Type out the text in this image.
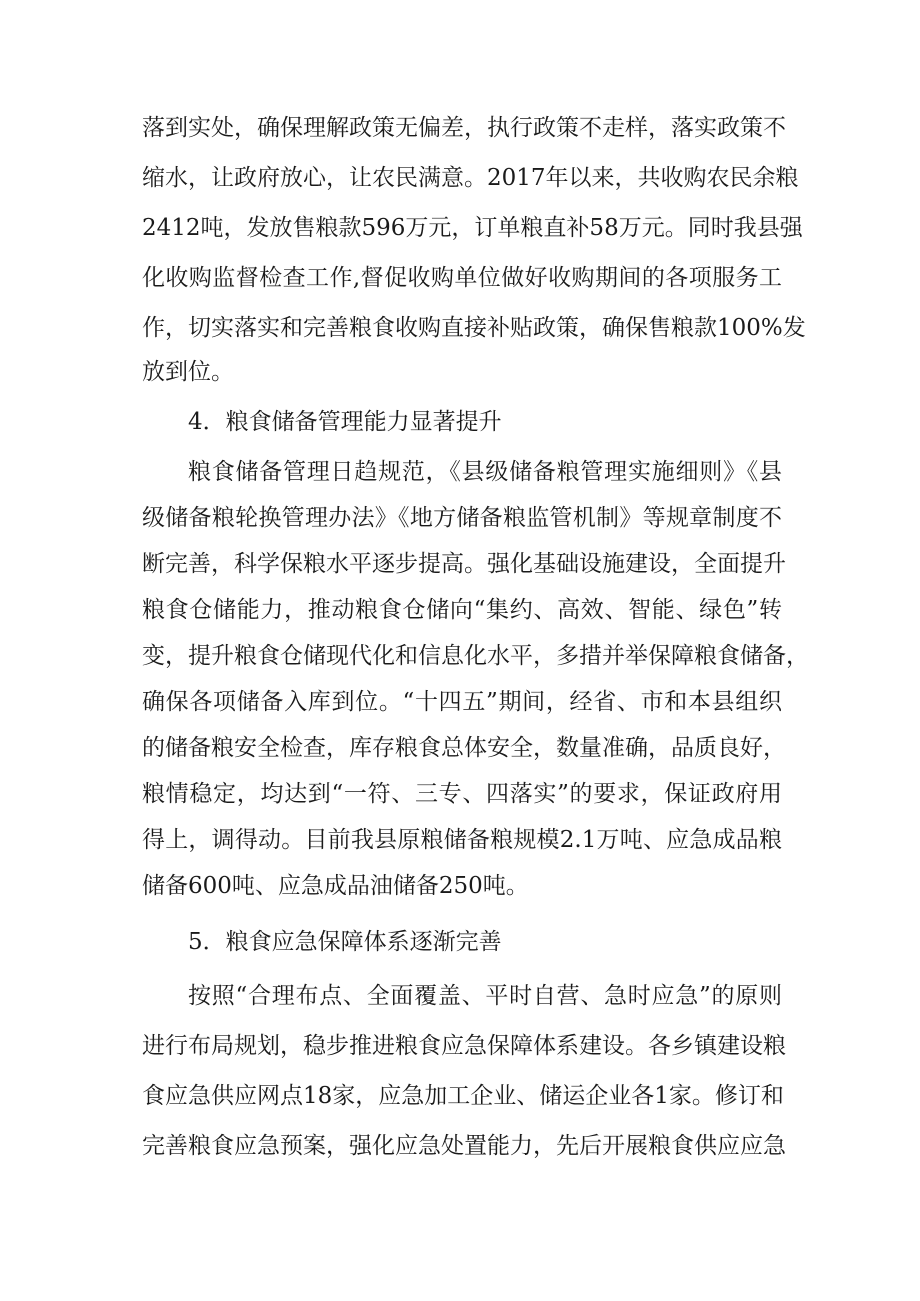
落到实处，确保理解政策无偏差，执行政策不走样，落实政策不
缩水，让政府放心，让农民满意。2017年以来，共收购农民余粮
2412吨，发放售粮款596万元，订单粮直补58万元。同时我县强
化收购监督检查工作,督促收购单位做好收购期间的各项服务工
作，切实落实和完善粮食收购直接补贴政策，确保售粮款100%发
放到位。
4．粮食储备管理能力显著提升
粮食储备管理日趋规范，《县级储备粮管理实施细则》《县
级储备粮轮换管理办法》《地方储备粮监管机制》等规章制度不
断完善，科学保粮水平逐步提高。强化基础设施建设，全面提升
粮食仓储能力，推动粮食仓储向“集约、高效、智能、绿色”转
变，提升粮食仓储现代化和信息化水平，多措并举保障粮食储备，
确保各项储备入库到位。“十四五”期间，经省、市和本县组织
的储备粮安全检查，库存粮食总体安全，数量准确，品质良好，
粮情稳定，均达到“一符、三专、四落实”的要求，保证政府用
得上，调得动。目前我县原粮储备粮规模2.1万吨、应急成品粮
储备600吨、应急成品油储备250吨。
5．粮食应急保障体系逐渐完善
按照“合理布点、全面覆盖、平时自营、急时应急”的原则
进行布局规划，稳步推进粮食应急保障体系建设。各乡镇建设粮
食应急供应网点18家，应急加工企业、储运企业各1家。修订和
完善粮食应急预案，强化应急处置能力，先后开展粮食供应应急
